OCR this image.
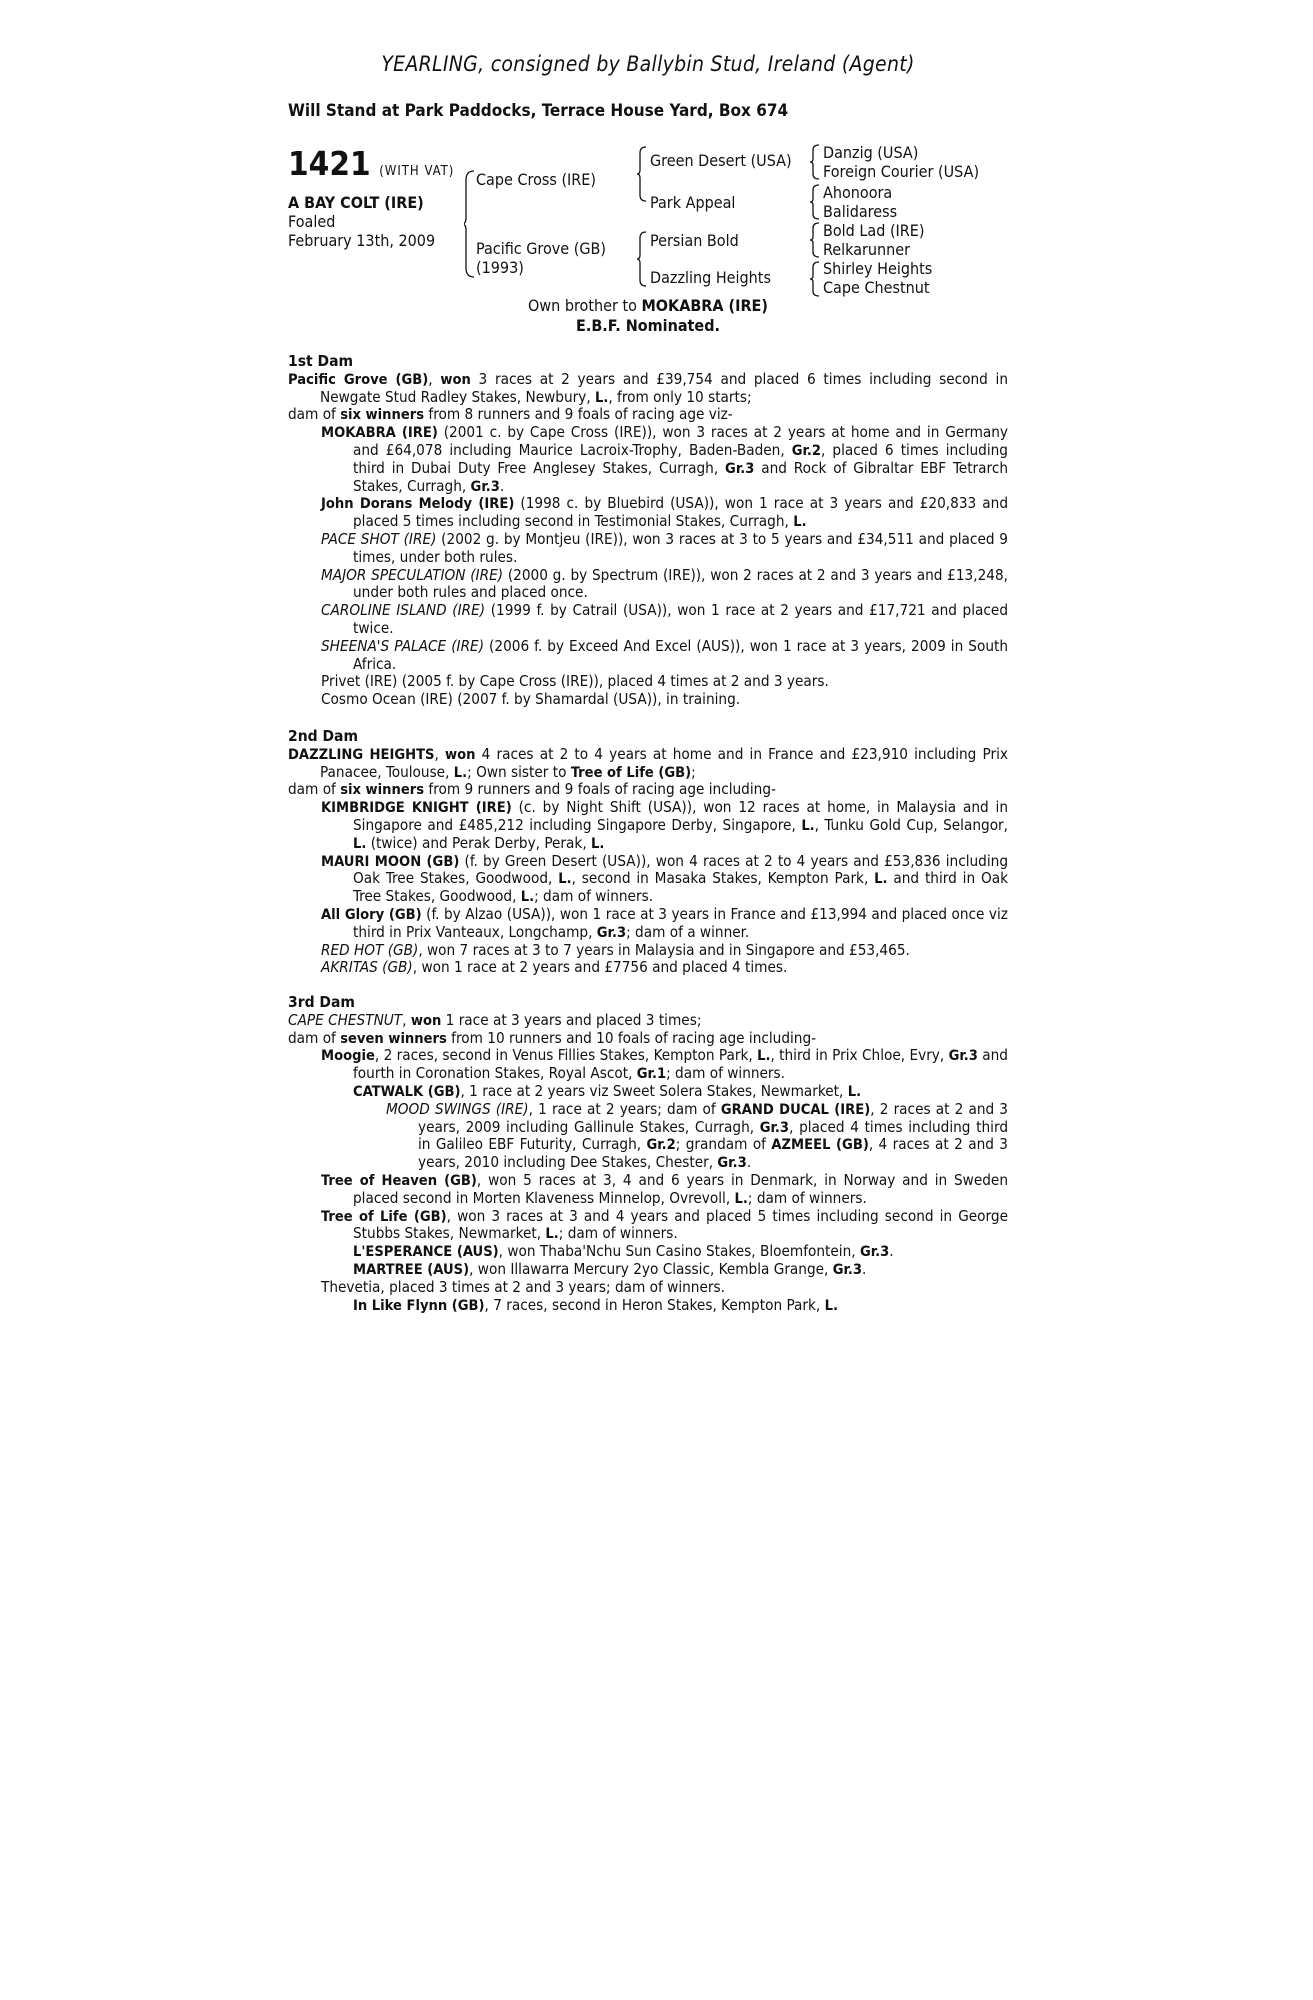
YEARLING, consigned by Ballybin Stud, Ireland (Agent)
Will Stand at Park Paddocks, Terrace House Yard, Box 674
1421 (WITH VAT)
A BAY COLT (IRE)
Foaled
February 13th, 2009
Cape Cross (IRE)
Pacific Grove (GB)
(1993)
Green Desert (USA)
Park Appeal
Persian Bold
Dazzling Heights
Danzig (USA)
Foreign Courier (USA)
Ahonoora
Balidaress
Bold Lad (IRE)
Relkarunner
Shirley Heights
Cape Chestnut
Own brother to MOKABRA (IRE)
E.B.F. Nominated.
1st Dam
Pacific Grove (GB), won 3 races at 2 years and £39,754 and placed 6 times including second in Newgate Stud Radley Stakes, Newbury, L., from only 10 starts;
dam of six winners from 8 runners and 9 foals of racing age viz-
MOKABRA (IRE) (2001 c. by Cape Cross (IRE)), won 3 races at 2 years at home and in Germany and £64,078 including Maurice Lacroix-Trophy, Baden-Baden, Gr.2, placed 6 times including third in Dubai Duty Free Anglesey Stakes, Curragh, Gr.3 and Rock of Gibraltar EBF Tetrarch Stakes, Curragh, Gr.3.
John Dorans Melody (IRE) (1998 c. by Bluebird (USA)), won 1 race at 3 years and £20,833 and placed 5 times including second in Testimonial Stakes, Curragh, L.
PACE SHOT (IRE) (2002 g. by Montjeu (IRE)), won 3 races at 3 to 5 years and £34,511 and placed 9 times, under both rules.
MAJOR SPECULATION (IRE) (2000 g. by Spectrum (IRE)), won 2 races at 2 and 3 years and £13,248, under both rules and placed once.
CAROLINE ISLAND (IRE) (1999 f. by Catrail (USA)), won 1 race at 2 years and £17,721 and placed twice.
SHEENA'S PALACE (IRE) (2006 f. by Exceed And Excel (AUS)), won 1 race at 3 years, 2009 in South Africa.
Privet (IRE) (2005 f. by Cape Cross (IRE)), placed 4 times at 2 and 3 years.
Cosmo Ocean (IRE) (2007 f. by Shamardal (USA)), in training.
2nd Dam
DAZZLING HEIGHTS, won 4 races at 2 to 4 years at home and in France and £23,910 including Prix Panacee, Toulouse, L.; Own sister to Tree of Life (GB);
dam of six winners from 9 runners and 9 foals of racing age including-
KIMBRIDGE KNIGHT (IRE) (c. by Night Shift (USA)), won 12 races at home, in Malaysia and in Singapore and £485,212 including Singapore Derby, Singapore, L., Tunku Gold Cup, Selangor, L. (twice) and Perak Derby, Perak, L.
MAURI MOON (GB) (f. by Green Desert (USA)), won 4 races at 2 to 4 years and £53,836 including Oak Tree Stakes, Goodwood, L., second in Masaka Stakes, Kempton Park, L. and third in Oak Tree Stakes, Goodwood, L.; dam of winners.
All Glory (GB) (f. by Alzao (USA)), won 1 race at 3 years in France and £13,994 and placed once viz third in Prix Vanteaux, Longchamp, Gr.3; dam of a winner.
RED HOT (GB), won 7 races at 3 to 7 years in Malaysia and in Singapore and £53,465.
AKRITAS (GB), won 1 race at 2 years and £7756 and placed 4 times.
3rd Dam
CAPE CHESTNUT, won 1 race at 3 years and placed 3 times;
dam of seven winners from 10 runners and 10 foals of racing age including-
Moogie, 2 races, second in Venus Fillies Stakes, Kempton Park, L., third in Prix Chloe, Evry, Gr.3 and fourth in Coronation Stakes, Royal Ascot, Gr.1; dam of winners.
CATWALK (GB), 1 race at 2 years viz Sweet Solera Stakes, Newmarket, L.
MOOD SWINGS (IRE), 1 race at 2 years; dam of GRAND DUCAL (IRE), 2 races at 2 and 3 years, 2009 including Gallinule Stakes, Curragh, Gr.3, placed 4 times including third in Galileo EBF Futurity, Curragh, Gr.2; grandam of AZMEEL (GB), 4 races at 2 and 3 years, 2010 including Dee Stakes, Chester, Gr.3.
Tree of Heaven (GB), won 5 races at 3, 4 and 6 years in Denmark, in Norway and in Sweden placed second in Morten Klaveness Minnelop, Ovrevoll, L.; dam of winners.
Tree of Life (GB), won 3 races at 3 and 4 years and placed 5 times including second in George Stubbs Stakes, Newmarket, L.; dam of winners.
L'ESPERANCE (AUS), won Thaba'Nchu Sun Casino Stakes, Bloemfontein, Gr.3.
MARTREE (AUS), won Illawarra Mercury 2yo Classic, Kembla Grange, Gr.3.
Thevetia, placed 3 times at 2 and 3 years; dam of winners.
In Like Flynn (GB), 7 races, second in Heron Stakes, Kempton Park, L.
